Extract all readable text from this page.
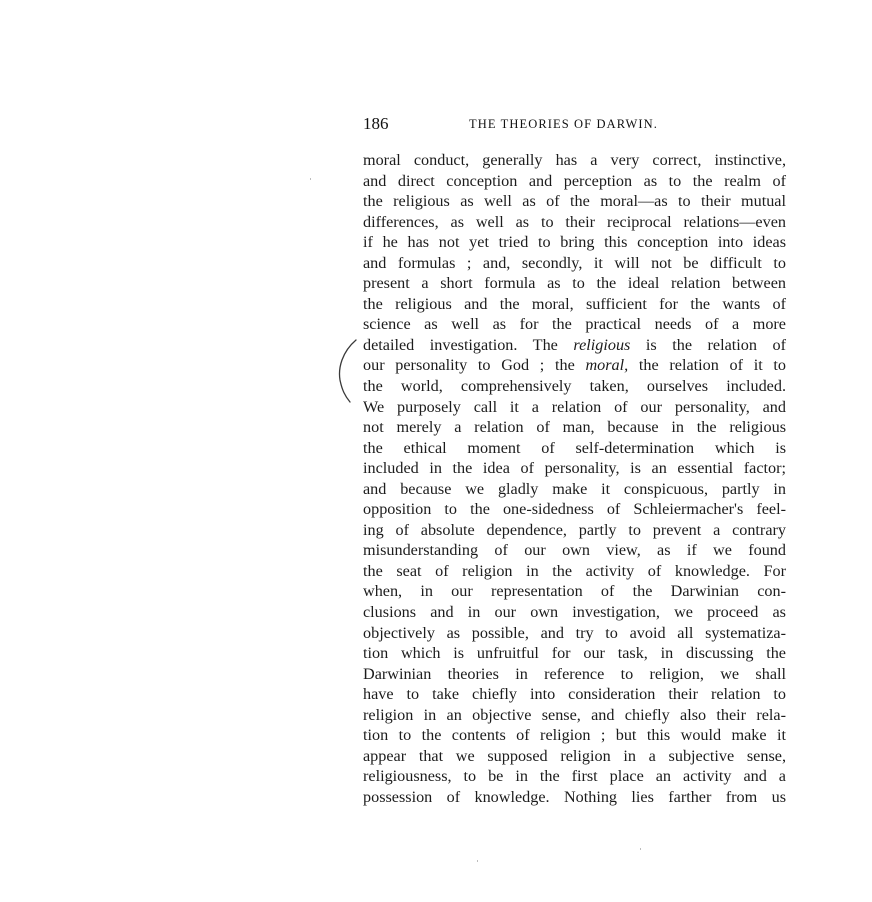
186	THE THEORIES OF DARWIN.
moral conduct, generally has a very correct, instinctive,
and direct conception and perception as to the realm of
the religious as well as of the moral—as to their mutual
differences, as well as to their reciprocal relations—even
if he has not yet tried to bring this conception into ideas
and formulas ; and, secondly, it will not be difficult to
present a short formula as to the ideal relation between
the religious and the moral, sufficient for the wants of
science as well as for the practical needs of a more
detailed investigation. The religious is the relation of
our personality to God ; the moral, the relation of it to
the world, comprehensively taken, ourselves included.
We purposely call it a relation of our personality, and
not merely a relation of man, because in the religious
the ethical moment of self-determination which is
included in the idea of personality, is an essential factor;
and because we gladly make it conspicuous, partly in
opposition to the one-sidedness of Schleiermacher's feel-
ing of absolute dependence, partly to prevent a contrary
misunderstanding of our own view, as if we found
the seat of religion in the activity of knowledge. For
when, in our representation of the Darwinian con-
clusions and in our own investigation, we proceed as
objectively as possible, and try to avoid all systematiza-
tion which is unfruitful for our task, in discussing the
Darwinian theories in reference to religion, we shall
have to take chiefly into consideration their relation to
religion in an objective sense, and chiefly also their rela-
tion to the contents of religion ; but this would make it
appear that we supposed religion in a subjective sense,
religiousness, to be in the first place an activity and a
possession of knowledge. Nothing lies farther from us
